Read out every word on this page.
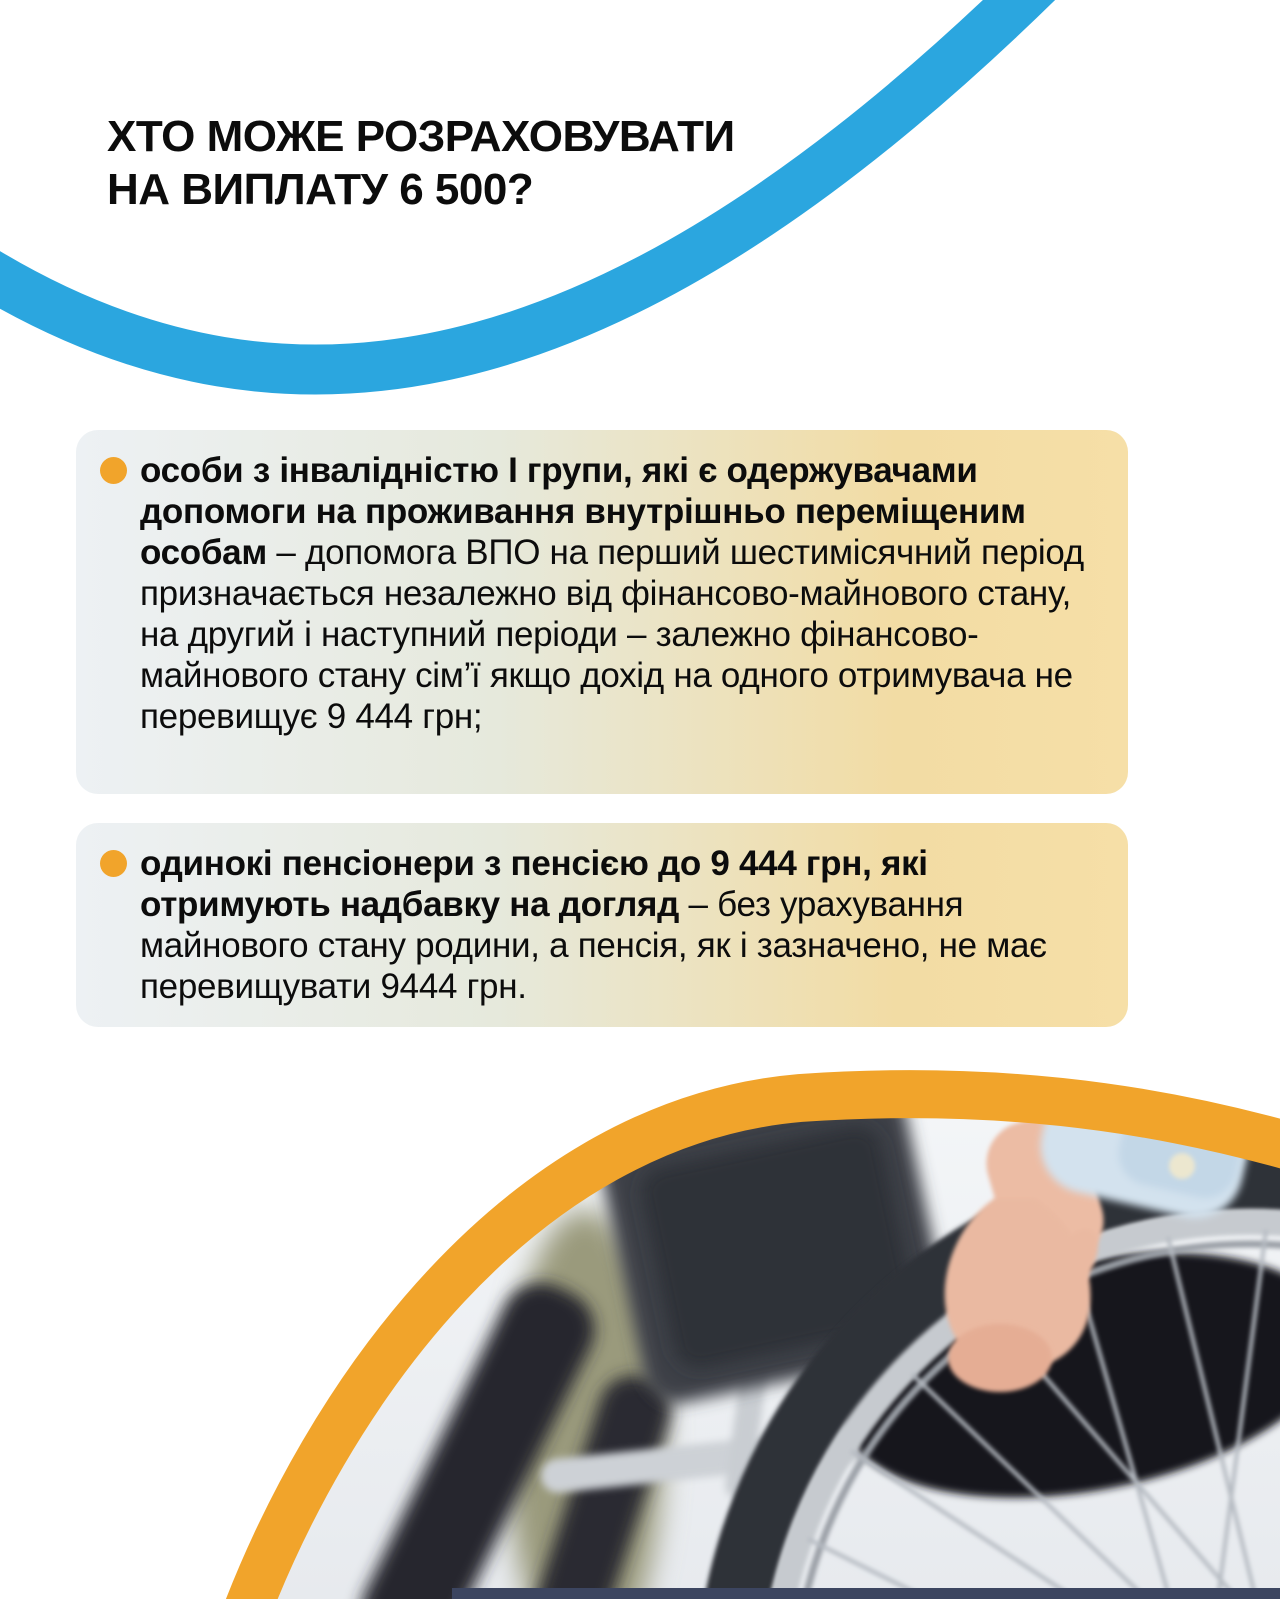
ХТО МОЖЕ РОЗРАХОВУВАТИ
НА ВИПЛАТУ 6 500?
особи з інвалідністю І групи, які є одержувачами допомоги на проживання внутрішньо переміщеним особам – допомога ВПО на перший шестимісячний період призначається незалежно від фінансово-майнового стану, на другий і наступний періоди – залежно фінансово-майнового стану сім’ї якщо дохід на одного отримувача не перевищує 9 444 грн;
одинокі пенсіонери з пенсією до 9 444 грн, які отримують надбавку на догляд – без урахування майнового стану родини, а пенсія, як і зазначено, не має перевищувати 9444 грн.
